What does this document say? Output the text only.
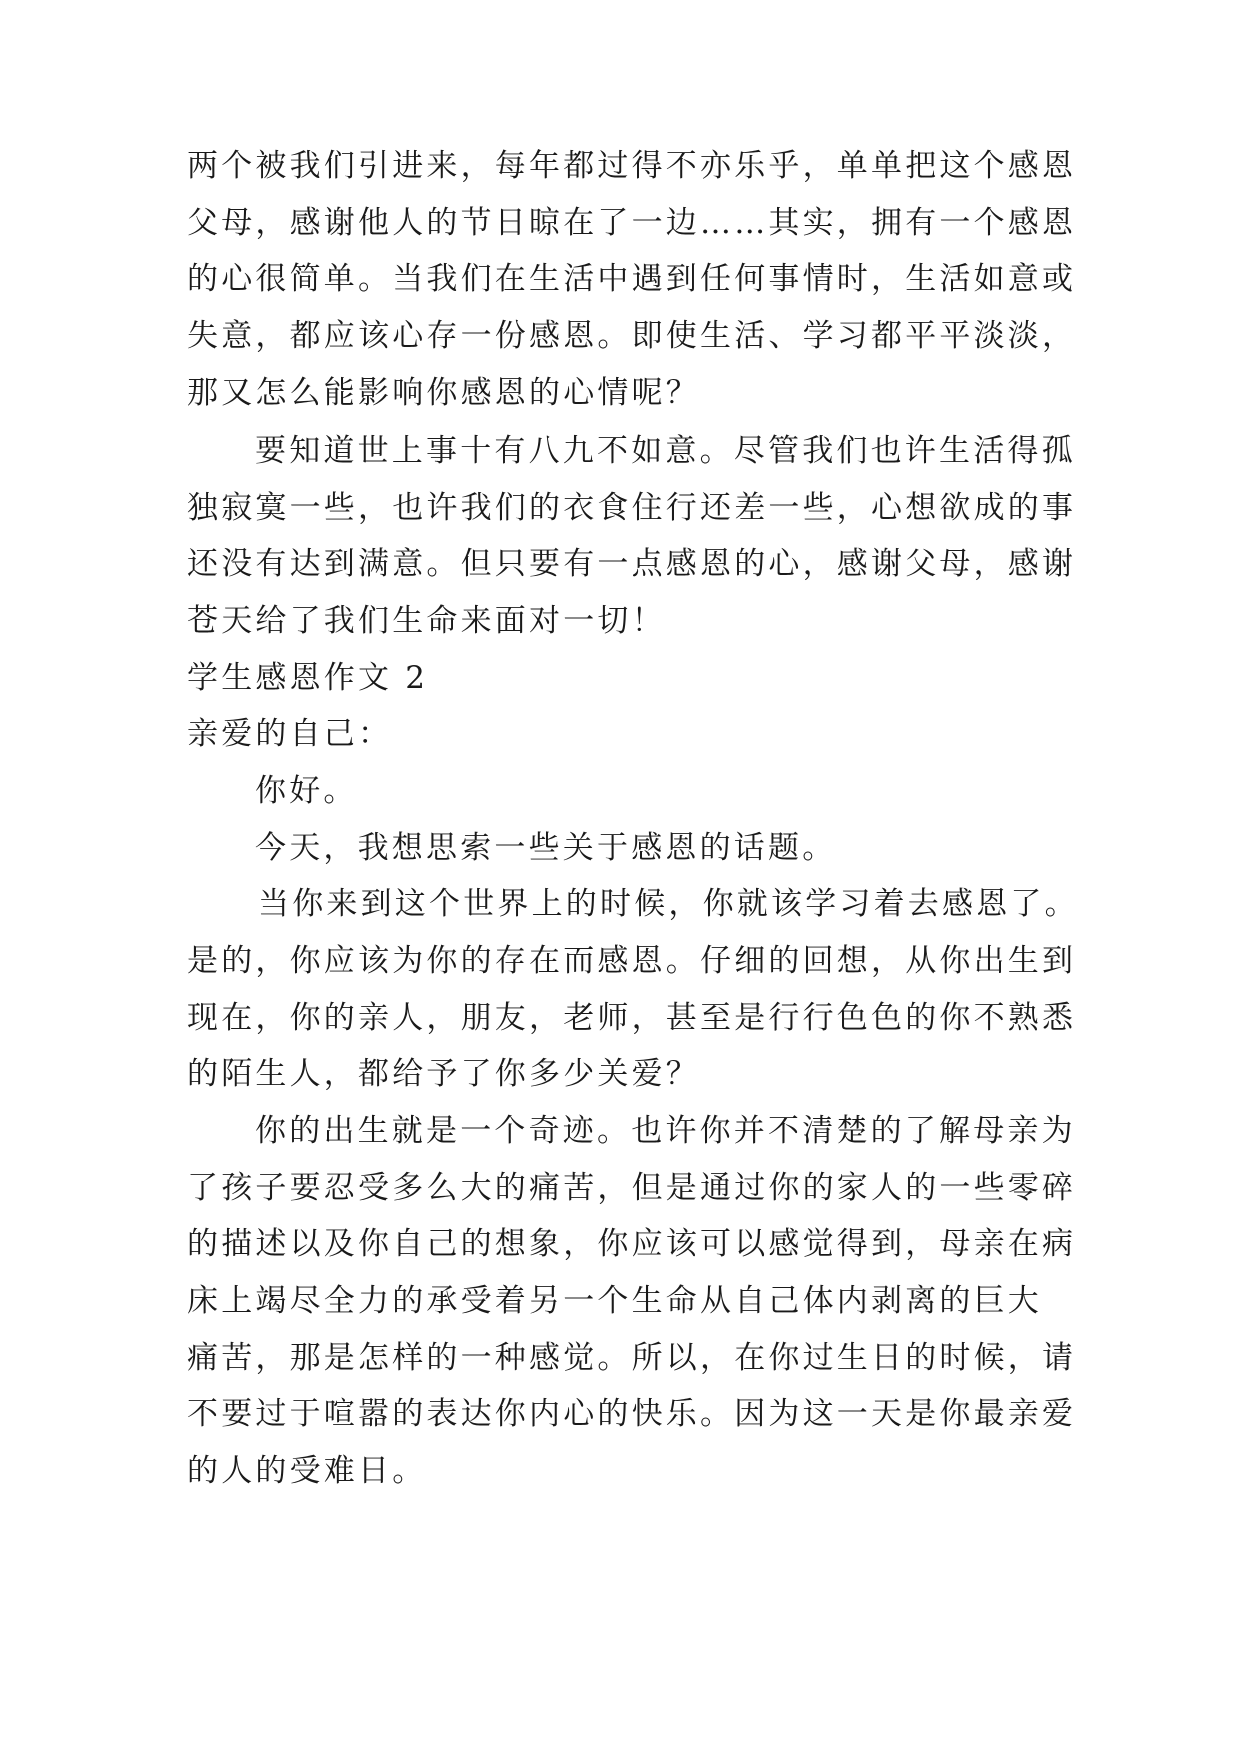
两个被我们引进来，每年都过得不亦乐乎，单单把这个感恩
父母，感谢他人的节日晾在了一边……其实，拥有一个感恩
的心很简单。当我们在生活中遇到任何事情时，生活如意或
失意，都应该心存一份感恩。即使生活、学习都平平淡淡，
那又怎么能影响你感恩的心情呢？
要知道世上事十有八九不如意。尽管我们也许生活得孤
独寂寞一些，也许我们的衣食住行还差一些，心想欲成的事
还没有达到满意。但只要有一点感恩的心，感谢父母，感谢
苍天给了我们生命来面对一切！
学生感恩作文 2
亲爱的自己：
你好。
今天，我想思索一些关于感恩的话题。
当你来到这个世界上的时候，你就该学习着去感恩了。
是的，你应该为你的存在而感恩。仔细的回想，从你出生到
现在，你的亲人，朋友，老师，甚至是行行色色的你不熟悉
的陌生人，都给予了你多少关爱？
你的出生就是一个奇迹。也许你并不清楚的了解母亲为
了孩子要忍受多么大的痛苦，但是通过你的家人的一些零碎
的描述以及你自己的想象，你应该可以感觉得到，母亲在病
床上竭尽全力的承受着另一个生命从自己体内剥离的巨大
痛苦，那是怎样的一种感觉。所以，在你过生日的时候，请
不要过于喧嚣的表达你内心的快乐。因为这一天是你最亲爱
的人的受难日。
